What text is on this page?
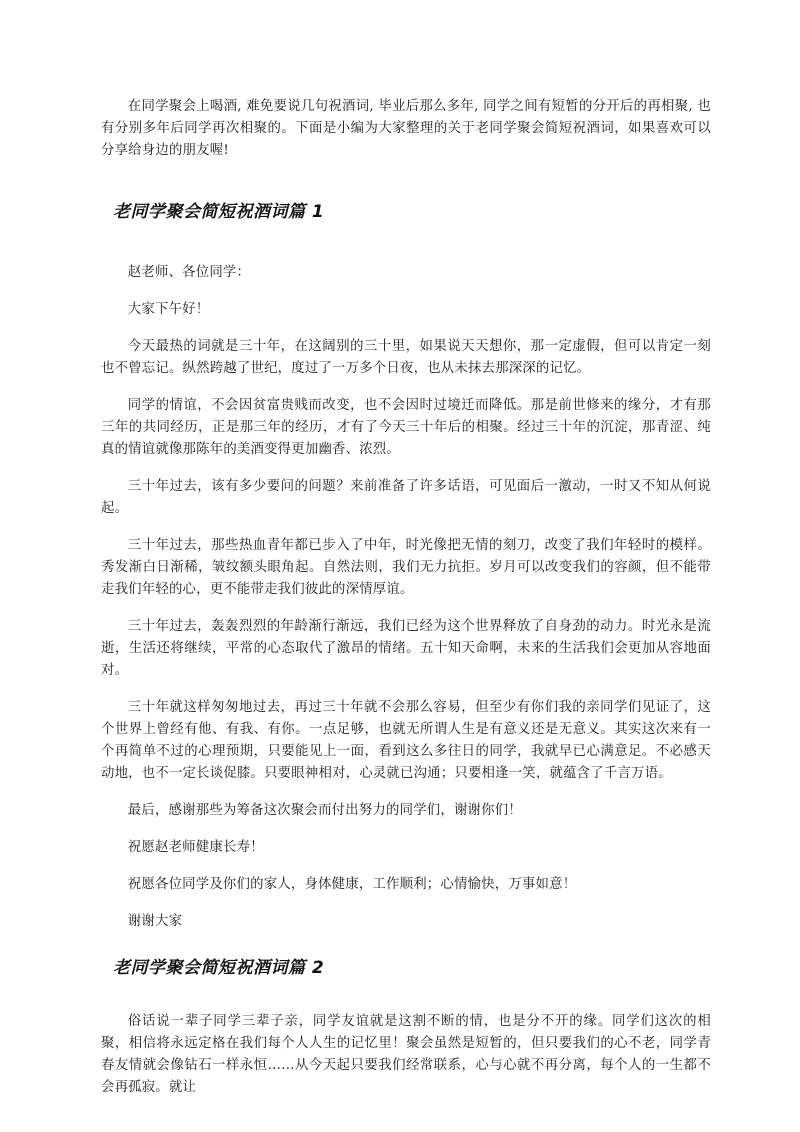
在同学聚会上喝酒, 难免要说几句祝酒词, 毕业后那么多年, 同学之间有短暂的分开后的再相聚, 也有分别多年后同学再次相聚的。下面是小编为大家整理的关于老同学聚会简短祝酒词，如果喜欢可以分享给身边的朋友喔!

老同学聚会简短祝酒词篇 1

赵老师、各位同学：

大家下午好！

今天最热的词就是三十年，在这阔别的三十里，如果说天天想你，那一定虚假，但可以肯定一刻也不曾忘记。纵然跨越了世纪，度过了一万多个日夜，也从未抹去那深深的记忆。

同学的情谊，不会因贫富贵贱而改变，也不会因时过境迁而降低。那是前世修来的缘分，才有那三年的共同经历，正是那三年的经历，才有了今天三十年后的相聚。经过三十年的沉淀，那青涩、纯真的情谊就像那陈年的美酒变得更加幽香、浓烈。

三十年过去，该有多少要问的问题？来前准备了许多话语，可见面后一激动，一时又不知从何说起。

三十年过去，那些热血青年都已步入了中年，时光像把无情的刻刀，改变了我们年轻时的模样。秀发渐白日渐稀，皱纹额头眼角起。自然法则，我们无力抗拒。岁月可以改变我们的容颜，但不能带走我们年轻的心，更不能带走我们彼此的深情厚谊。

三十年过去，轰轰烈烈的年龄渐行渐远，我们已经为这个世界释放了自身劲的动力。时光永是流逝，生活还将继续，平常的心态取代了激昂的情绪。五十知天命啊，未来的生活我们会更加从容地面对。

三十年就这样匆匆地过去，再过三十年就不会那么容易，但至少有你们我的亲同学们见证了，这个世界上曾经有他、有我、有你。一点足够，也就无所谓人生是有意义还是无意义。其实这次来有一个再简单不过的心理预期，只要能见上一面，看到这么多往日的同学，我就早已心满意足。不必感天动地，也不一定长谈促膝。只要眼神相对，心灵就已沟通；只要相逢一笑，就蕴含了千言万语。

最后，感谢那些为筹备这次聚会而付出努力的同学们，谢谢你们！

祝愿赵老师健康长寿！

祝愿各位同学及你们的家人，身体健康，工作顺利；心情愉快，万事如意！

谢谢大家

老同学聚会简短祝酒词篇 2

俗话说一辈子同学三辈子亲，同学友谊就是这割不断的情，也是分不开的缘。同学们这次的相聚，相信将永远定格在我们每个人人生的记忆里！聚会虽然是短暂的，但只要我们的心不老，同学青春友情就会像钻石一样永恒……从今天起只要我们经常联系，心与心就不再分离，每个人的一生都不会再孤寂。就让
